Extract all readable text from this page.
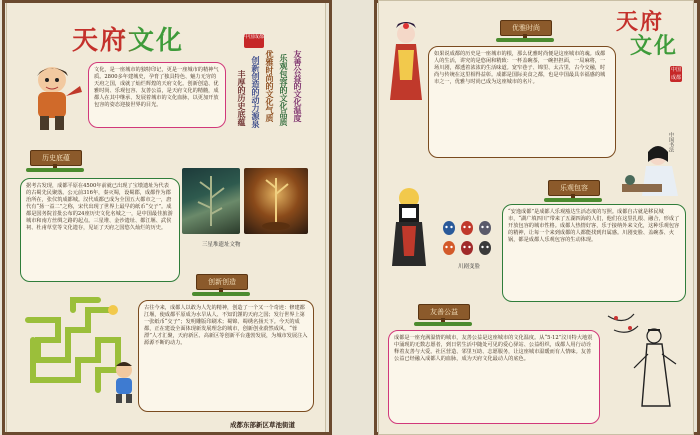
天府文化	中国成都
文化，是一座城市的独特印记，更是一座城市的精神气质。2800多年建城史，孕育了独具特色、魅力无穷的天府之国，成就了灿烂辉煌的天府文化。创新创造、优雅时尚、乐观包容、友善公益，是天府文化的精髓，成都人在其中继承、发展着城市的文化血脉，以更加开放包容的姿态迎接世界的目光。	友善公益的文化温度
乐观包容的文化品质
优雅时尚的文化气质
创新创造的动力源泉
丰厚的历史底蕴
历史底蕴
据考古发现，成都平原在4500年前就已出现了宝墩遗址为代表的古蜀先民聚落。公元前316年，秦灭蜀，设蜀郡，成都作为郡治所在，张仪筑成都城。汉代成都已成为全国五大都市之一，唐代有“扬一益二”之称，宋代出现了世界上最早的纸币“交子”。成都是国务院首批公布的24座历史文化名城之一，是中国最佳旅游城市和南方丝绸之路的起点。三星堆、金沙遗址、都江堰、武侯祠、杜甫草堂等文化遗存，见证了天府之国悠久灿烂的历史。
三星堆遗址文物
创新创造
古往今来，成都人以敢为人先的精神，创造了一个又一个奇迹：修建都江堰，使成都平原成为水旱从人、不知饥馑的天府之国；发行世界上第一张纸币“交子”；发明雕版印刷术；蜀锦、蜀绣名扬天下。今天的成都，正在建设全面体现新发展理念的城市，创新创业蔚然成风，“蓉漂”人才汇聚，天府新区、高新区等创新平台蓬勃发展，为城市发展注入源源不断的动力。
成都东部新区草池街道
优雅时尚	天府
文化
中国成都
如果说成都的历史是一座城市的根，那么优雅时尚便是这座城市的魂。成都人的生活，讲究的是悠闲和精致：一杯盖碗茶，一碗担担面，一局麻将，一场川剧，都透着浓浓的生活味道。宽窄巷子、锦里、太古里，古今交融，时尚与传统在这里相得益彰。成都是国际美食之都，也是中国最具幸福感的城市之一，优雅与时尚已成为这座城市的名片。
中国书法
乐观包容
川剧变脸
“安逸成都”是成都人乐观豁达生活态度的写照。成都自古就是移民城市，“湖广填四川”带来了五湖四海的人们，他们在这里扎根、融合，形成了开放包容的城市性格。成都人热情好客，乐于接纳外来文化，这种乐观包容的精神，让每一个来到成都的人都能找到归属感。川剧变脸、盖碗茶、火锅，都是成都人乐观包容的生动体现。
友善公益
成都是一座充满温情的城市，友善公益是这座城市的文化温度。从“5·12”汶川特大地震中涌现的无数志愿者，到日常生活中随处可见的爱心驿站、公益组织，成都人用行动诠释着友善与大爱。社区营造、邻里互助、志愿服务，让这座城市温暖而有人情味。友善公益已经融入成都人的血脉，成为天府文化最动人的底色。
